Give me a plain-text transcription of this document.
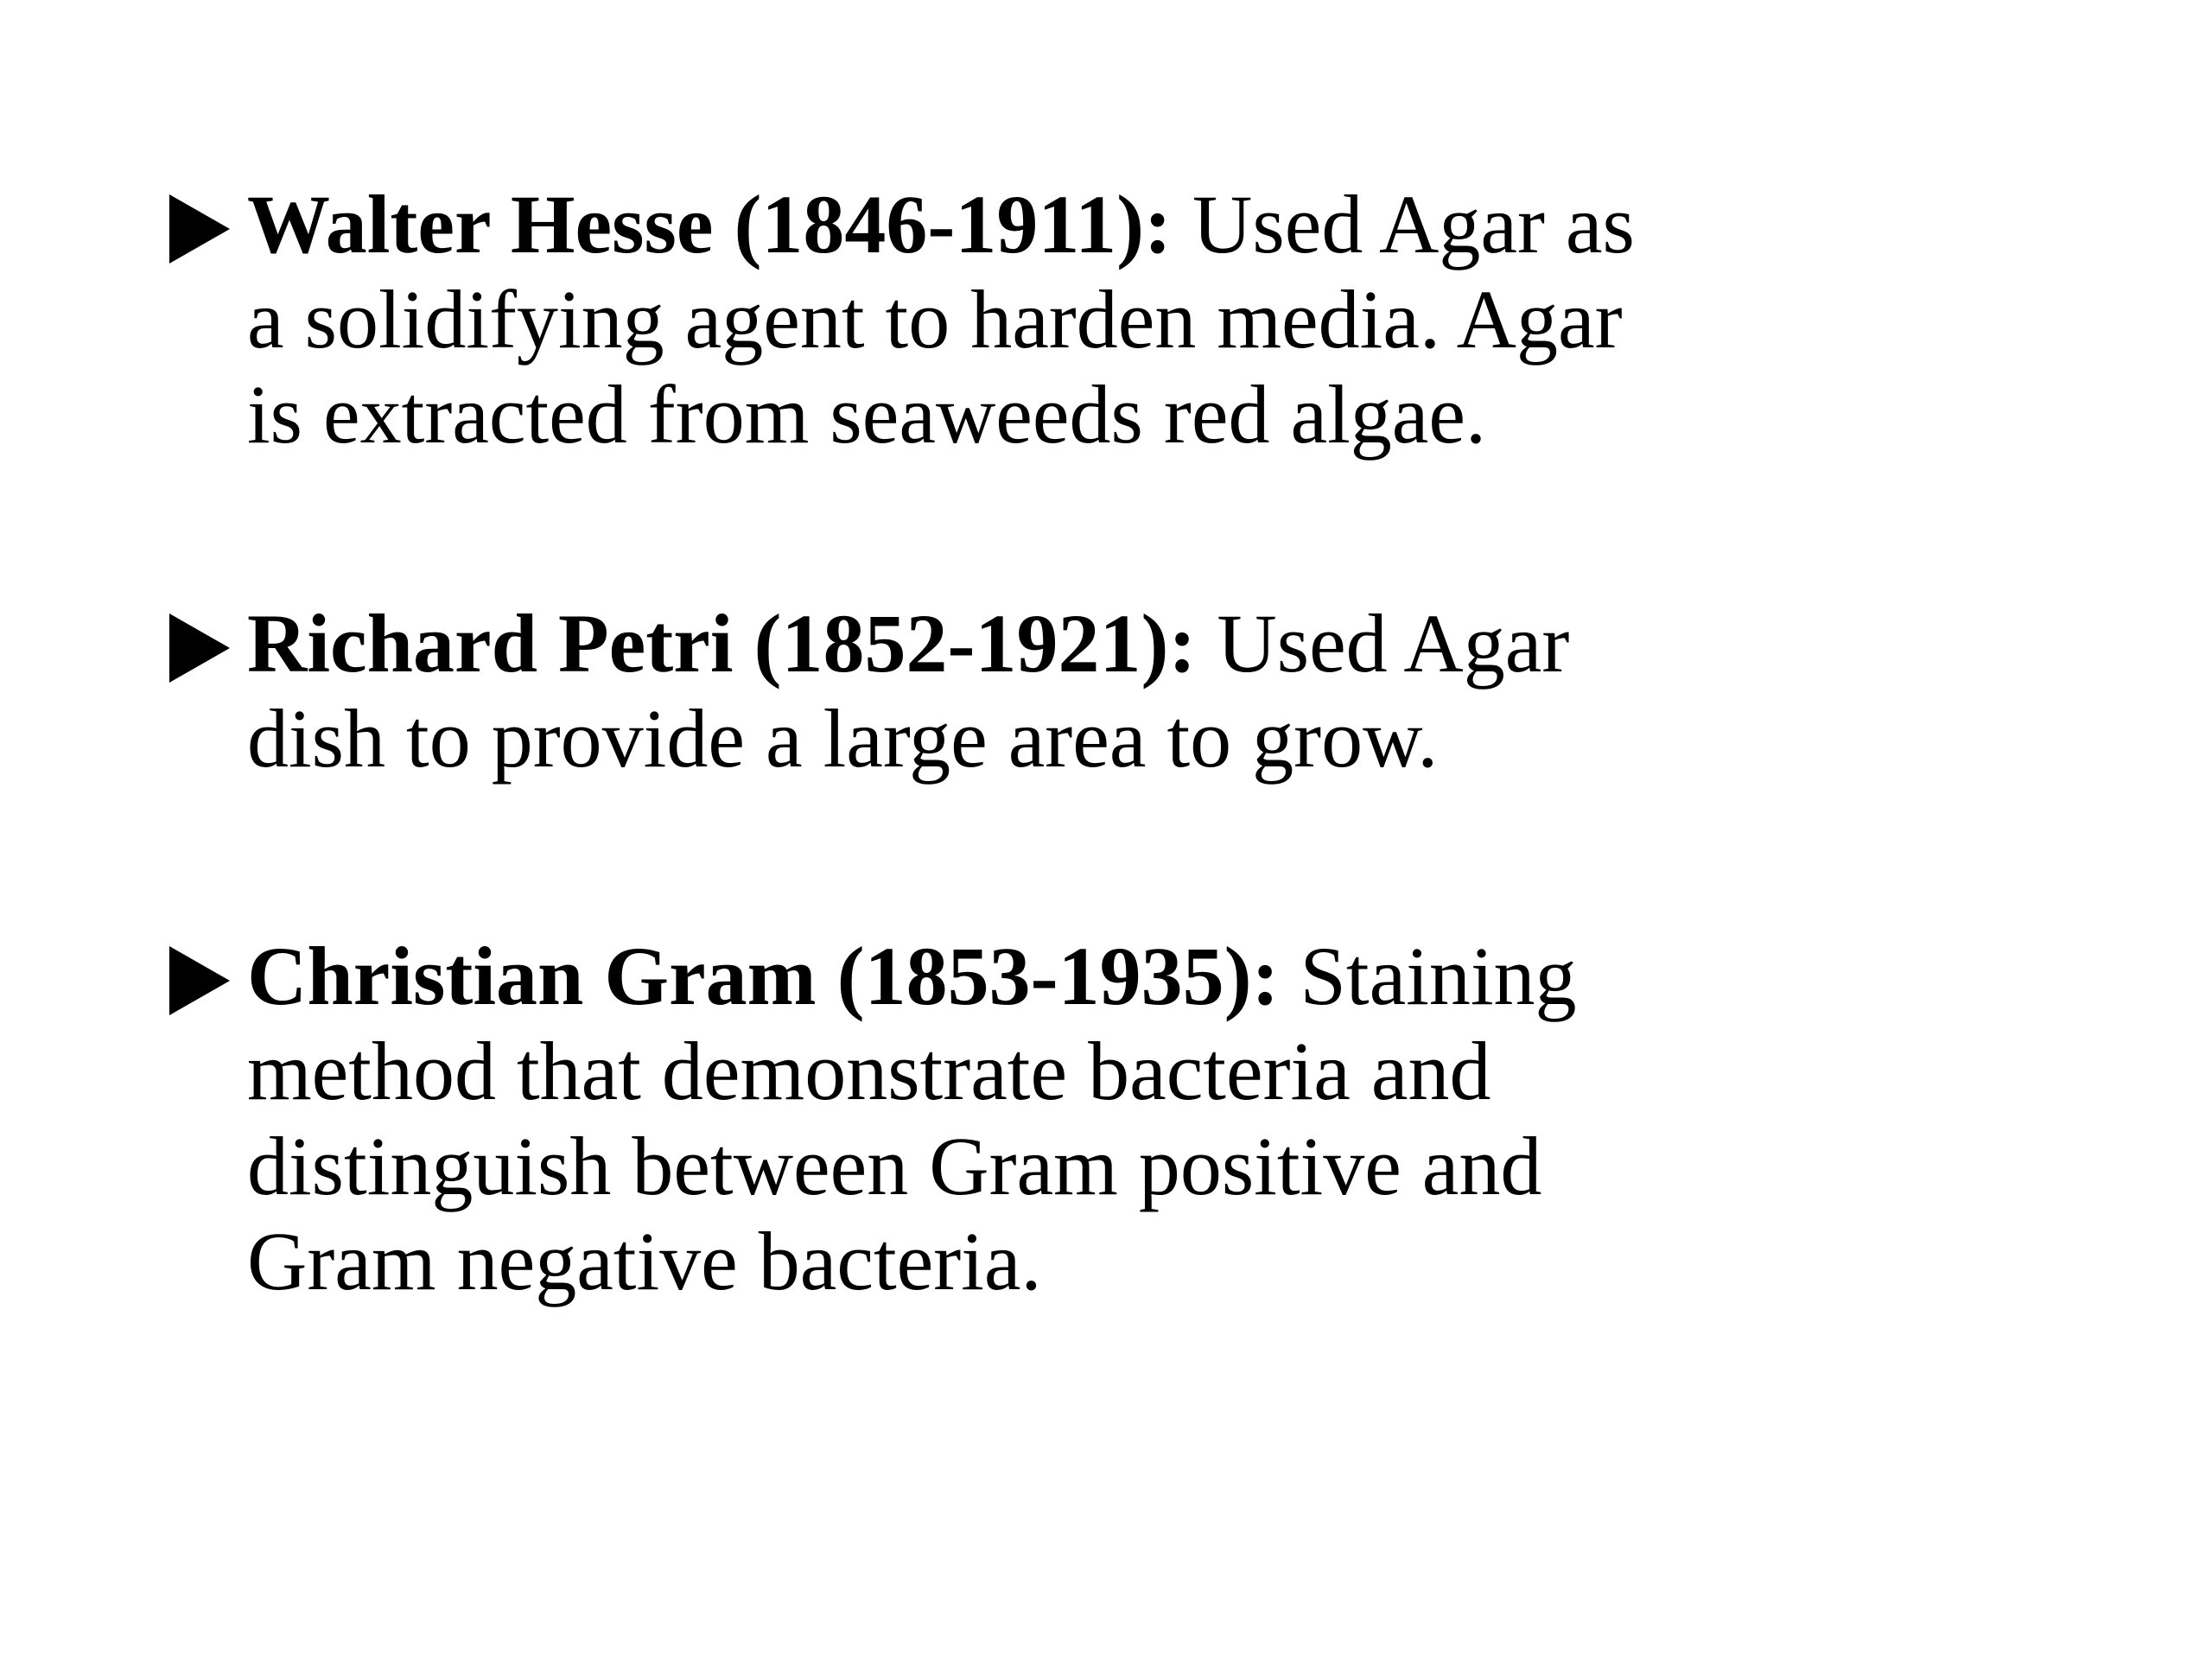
Walter Hesse (1846-1911): Used Agar as
a solidifying agent to harden media. Agar
is extracted from seaweeds red algae.
Richard Petri (1852-1921): Used Agar
dish to provide a large area to grow.
Christian Gram (1853-1935): Staining
method that demonstrate bacteria and
distinguish between Gram positive and
Gram negative bacteria.
